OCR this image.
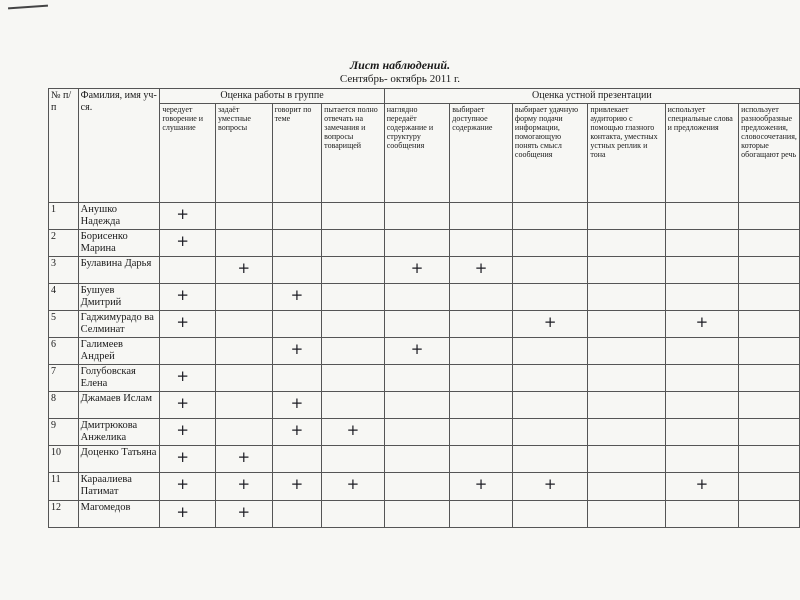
Лист наблюдений.
Сентябрь- октябрь 2011 г.
№ п/ п	Фамилия, имя уч-ся.	Оценка работы в группе				Оценка устной презентации					
		чередует говорение и слушание	задаёт уместные вопросы	говорит по теме	пытается полно отвечать на замечания и вопросы товарищей	наглядно передаёт содержание и структуру сообщения	выбирает доступное содержание	выбирает удачную форму подачи информации, помогающую понять смысл сообщения	привлекает аудиторию с помощью глазного контакта, уместных устных реплик и тона	использует специальные слова и предложения	использует разнообразные предложения, словосочетания, которые обогащают речь
1	Анушко Надежда	+									

2	Борисенко Марина	+									

3	Булавина Дарья		+			+	+				

4	Бушуев Дмитрий	+		+							

5	Гаджимурадо ва Селминат	+						+		+	

6	Галимеев Андрей			+		+					

7	Голубовская Елена	+									

8	Джамаев Ислам	+		+							

9	Дмитрюкова Анжелика	+		+	+						

10	Доценко Татьяна	+	+								

11	Караалиева Патимат	+	+	+	+		+	+		+	

12	Магомедов	+	+								
